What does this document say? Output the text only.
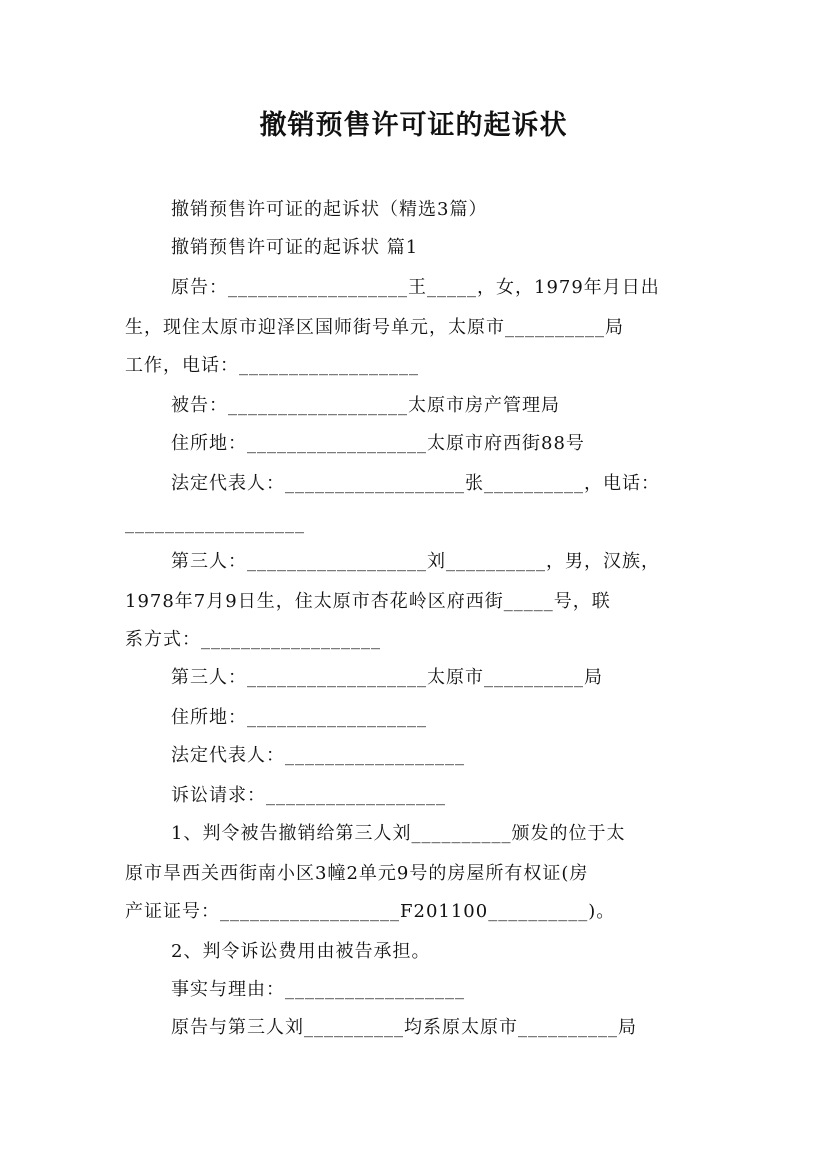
撤销预售许可证的起诉状

撤销预售许可证的起诉状（精选3篇）

撤销预售许可证的起诉状 篇1

原告：__________________王_____，女，1979年月日出

生，现住太原市迎泽区国师街号单元，太原市__________局

工作，电话：__________________

被告：__________________太原市房产管理局

住所地：__________________太原市府西街88号

法定代表人：__________________张__________，电话：

__________________

第三人：__________________刘__________，男，汉族，

1978年7月9日生，住太原市杏花岭区府西街_____号，联

系方式：__________________

第三人：__________________太原市__________局

住所地：__________________

法定代表人：__________________

诉讼请求：__________________

1、判令被告撤销给第三人刘__________颁发的位于太

原市旱西关西街南小区3幢2单元9号的房屋所有权证(房

产证证号：__________________F201100__________)。

2、判令诉讼费用由被告承担。

事实与理由：__________________

原告与第三人刘__________均系原太原市__________局
